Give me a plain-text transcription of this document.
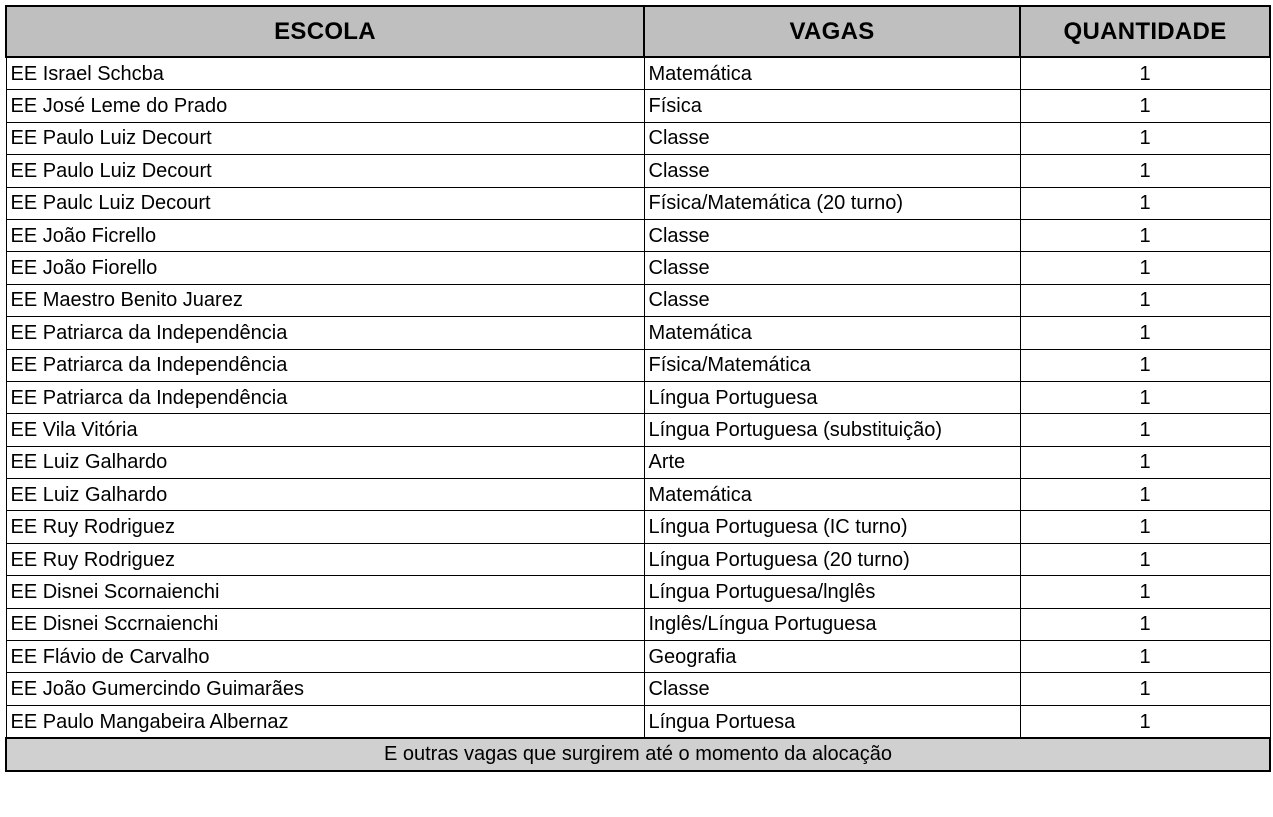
ESCOLA	VAGAS	QUANTIDADE
EE Israel Schcba	Matemática	1
EE José Leme do Prado	Física	1
EE Paulo Luiz Decourt	Classe	1
EE Paulo Luiz Decourt	Classe	1
EE Paulc Luiz Decourt	Física/Matemática (20 turno)	1
EE João Ficrello	Classe	1
EE João Fiorello	Classe	1
EE Maestro Benito Juarez	Classe	1
EE Patriarca da Independência	Matemática	1
EE Patriarca da Independência	Física/Matemática	1
EE Patriarca da Independência	Língua Portuguesa	1
EE Vila Vitória	Língua Portuguesa (substituição)	1
EE Luiz Galhardo	Arte	1
EE Luiz Galhardo	Matemática	1
EE Ruy Rodriguez	Língua Portuguesa (IC turno)	1
EE Ruy Rodriguez	Língua Portuguesa (20 turno)	1
EE Disnei Scornaienchi	Língua Portuguesa/lnglês	1
EE Disnei Sccrnaienchi	Inglês/Língua Portuguesa	1
EE Flávio de Carvalho	Geografia	1
EE João Gumercindo Guimarães	Classe	1
EE Paulo Mangabeira Albernaz	Língua Portuesa	1
E outras vagas que surgirem até o momento da alocação		
